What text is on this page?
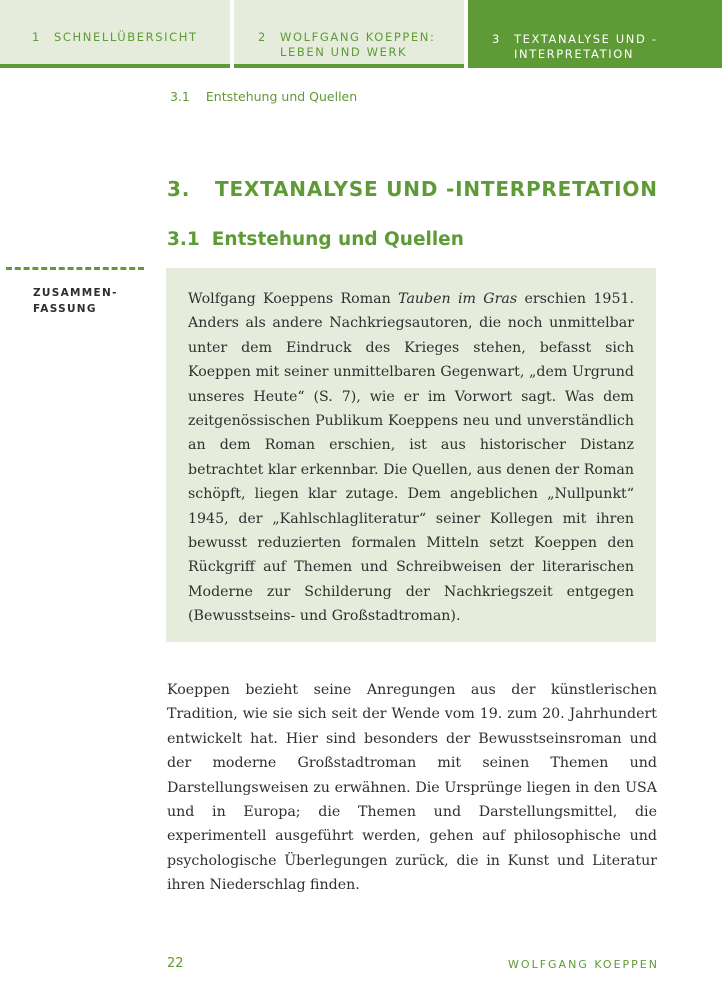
1 SCHNELLÜBERSICHT	2 WOLFGANG KOEPPEN: LEBEN UND WERK
3 TEXTANALYSE UND -INTERPRETATION
3.1 Entstehung und Quellen
3. TEXTANALYSE UND -INTERPRETATION
3.1 Entstehung und Quellen
ZUSAMMEN-FASSUNG

Wolfgang Koeppens Roman Tauben im Gras erschien 1951. Anders als andere Nachkriegsautoren, die noch unmittelbar unter dem Eindruck des Krieges stehen, befasst sich Koeppen mit seiner unmittelbaren Gegenwart, „dem Urgrund unseres Heute“ (S. 7), wie er im Vorwort sagt. Was dem zeitgenössischen Publikum Koeppens neu und unverständlich an dem Roman erschien, ist aus historischer Distanz betrachtet klar erkennbar. Die Quellen, aus denen der Roman schöpft, liegen klar zutage. Dem angeblichen „Nullpunkt“ 1945, der „Kahlschlagliteratur“ seiner Kollegen mit ihren bewusst reduzierten formalen Mitteln setzt Koeppen den Rückgriff auf Themen und Schreibweisen der literarischen Moderne zur Schilderung der Nachkriegszeit entgegen (Bewusstseins- und Großstadtroman).

Koeppen bezieht seine Anregungen aus der künstlerischen Tradition, wie sie sich seit der Wende vom 19. zum 20. Jahrhundert entwickelt hat. Hier sind besonders der Bewusstseinsroman und der moderne Großstadtroman mit seinen Themen und Darstellungsweisen zu erwähnen. Die Ursprünge liegen in den USA und in Europa; die Themen und Darstellungsmittel, die experimentell ausgeführt werden, gehen auf philosophische und psychologische Überlegungen zurück, die in Kunst und Literatur ihren Niederschlag finden.

22	WOLFGANG KOEPPEN
